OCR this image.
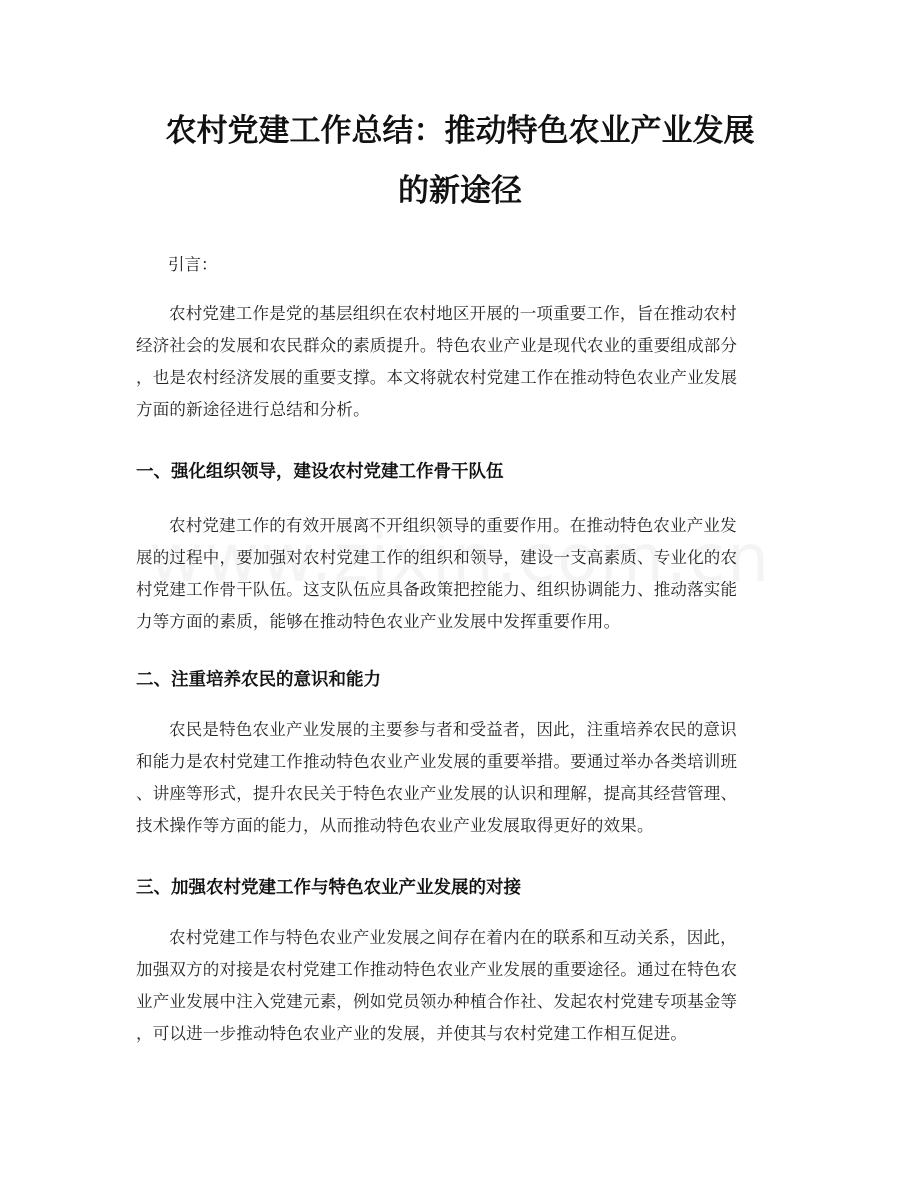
农村党建工作总结：推动特色农业产业发展
的新途径

引言：

农村党建工作是党的基层组织在农村地区开展的一项重要工作，旨在推动农村
经济社会的发展和农民群众的素质提升。特色农业产业是现代农业的重要组成部分
，也是农村经济发展的重要支撑。本文将就农村党建工作在推动特色农业产业发展
方面的新途径进行总结和分析。

一、强化组织领导，建设农村党建工作骨干队伍

农村党建工作的有效开展离不开组织领导的重要作用。在推动特色农业产业发
展的过程中，要加强对农村党建工作的组织和领导，建设一支高素质、专业化的农
村党建工作骨干队伍。这支队伍应具备政策把控能力、组织协调能力、推动落实能
力等方面的素质，能够在推动特色农业产业发展中发挥重要作用。

二、注重培养农民的意识和能力

农民是特色农业产业发展的主要参与者和受益者，因此，注重培养农民的意识
和能力是农村党建工作推动特色农业产业发展的重要举措。要通过举办各类培训班
、讲座等形式，提升农民关于特色农业产业发展的认识和理解，提高其经营管理、
技术操作等方面的能力，从而推动特色农业产业发展取得更好的效果。

三、加强农村党建工作与特色农业产业发展的对接

农村党建工作与特色农业产业发展之间存在着内在的联系和互动关系，因此，
加强双方的对接是农村党建工作推动特色农业产业发展的重要途径。通过在特色农
业产业发展中注入党建元素，例如党员领办种植合作社、发起农村党建专项基金等
，可以进一步推动特色农业产业的发展，并使其与农村党建工作相互促进。
